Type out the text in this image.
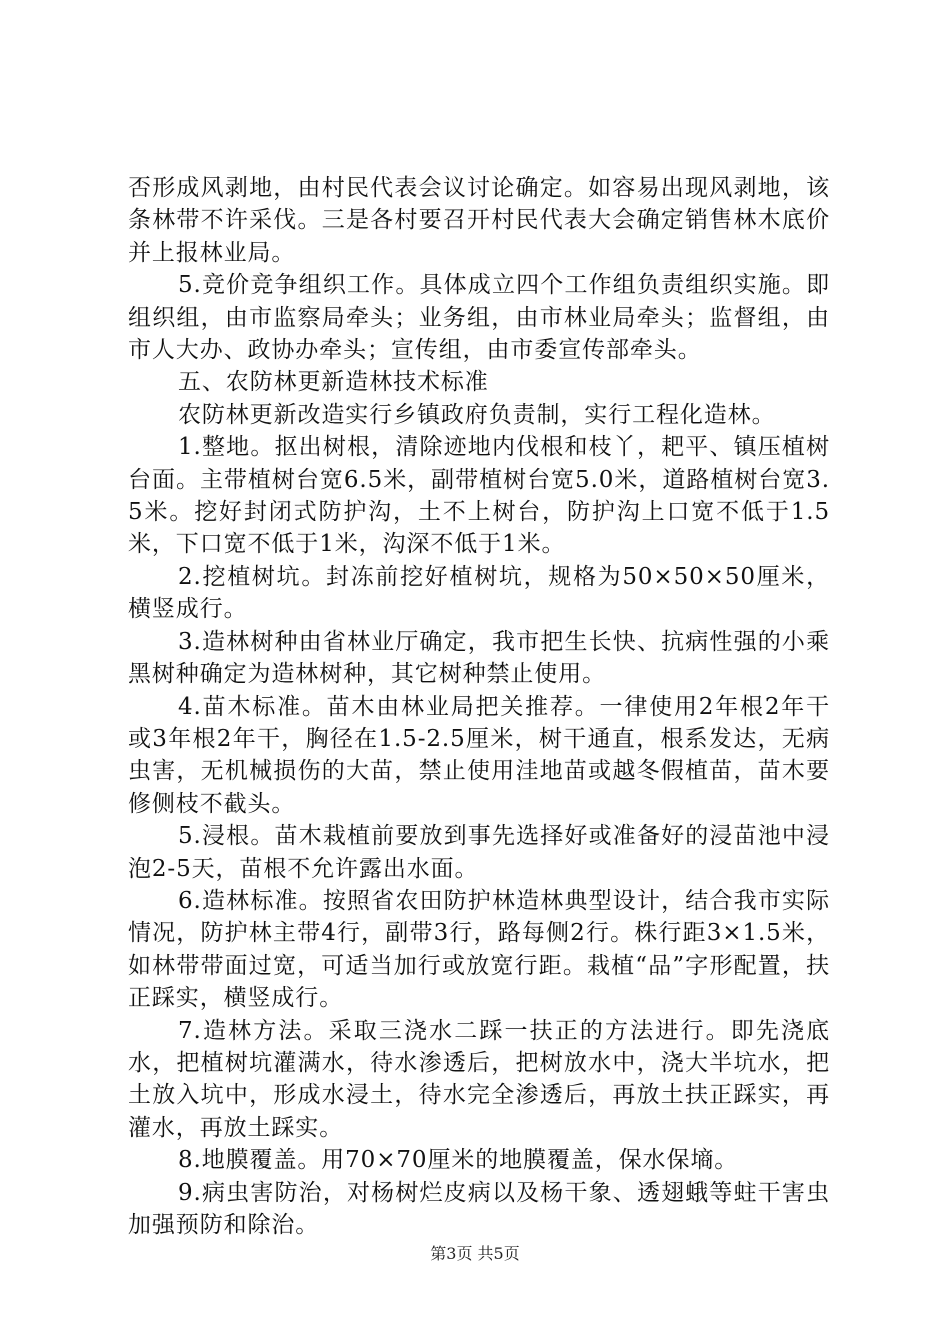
否形成风剥地，由村民代表会议讨论确定。如容易出现风剥地，该条林带不许采伐。三是各村要召开村民代表大会确定销售林木底价并上报林业局。

5.竞价竞争组织工作。具体成立四个工作组负责组织实施。即组织组，由市监察局牵头；业务组，由市林业局牵头；监督组，由市人大办、政协办牵头；宣传组，由市委宣传部牵头。

五、农防林更新造林技术标准

农防林更新改造实行乡镇政府负责制，实行工程化造林。

1.整地。抠出树根，清除迹地内伐根和枝丫，耙平、镇压植树台面。主带植树台宽6.5米，副带植树台宽5.0米，道路植树台宽3.5米。挖好封闭式防护沟，土不上树台，防护沟上口宽不低于1.5米，下口宽不低于1米，沟深不低于1米。

2.挖植树坑。封冻前挖好植树坑，规格为50×50×50厘米，横竖成行。

3.造林树种由省林业厅确定，我市把生长快、抗病性强的小乘黑树种确定为造林树种，其它树种禁止使用。

4.苗木标准。苗木由林业局把关推荐。一律使用2年根2年干或3年根2年干，胸径在1.5-2.5厘米，树干通直，根系发达，无病虫害，无机械损伤的大苗，禁止使用洼地苗或越冬假植苗，苗木要修侧枝不截头。

5.浸根。苗木栽植前要放到事先选择好或准备好的浸苗池中浸泡2-5天，苗根不允许露出水面。

6.造林标准。按照省农田防护林造林典型设计，结合我市实际情况，防护林主带4行，副带3行，路每侧2行。株行距3×1.5米，如林带带面过宽，可适当加行或放宽行距。栽植“品”字形配置，扶正踩实，横竖成行。

7.造林方法。采取三浇水二踩一扶正的方法进行。即先浇底水，把植树坑灌满水，待水渗透后，把树放水中，浇大半坑水，把土放入坑中，形成水浸土，待水完全渗透后，再放土扶正踩实，再灌水，再放土踩实。

8.地膜覆盖。用70×70厘米的地膜覆盖，保水保墒。

9.病虫害防治，对杨树烂皮病以及杨干象、透翅蛾等蛀干害虫加强预防和除治。

第3页 共5页
